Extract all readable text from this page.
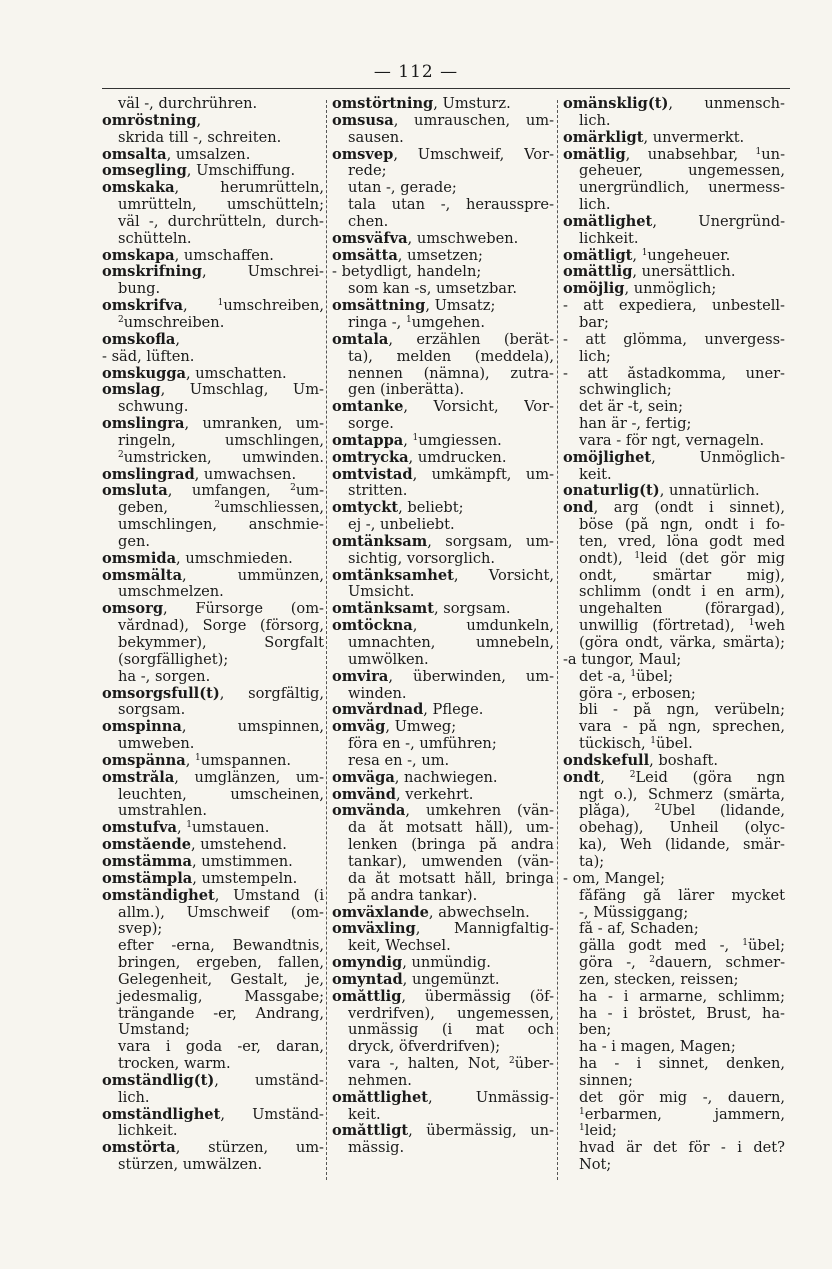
— 112 —
väl -, durchrühren.
omröstning,
skrida till -, schreiten.
omsalta, umsalzen.
omsegling, Umschiffung.
omskaka, herumrütteln,
umrütteln, umschütteln;
väl -, durchrütteln, durch-
schütteln.
omskapa, umschaffen.
omskrifning, Umschrei-
bung.
omskrifva, $^1$umschreiben,
$^2$umschreiben.
omskofla,
- säd, lüften.
omskugga, umschatten.
omslag, Umschlag, Um-
schwung.
omslingra, umranken, um-
ringeln, umschlingen,
$^2$umstricken, umwinden.
omslingrad, umwachsen.
omsluta, umfangen, $^2$um-
geben, $^2$umschliessen,
umschlingen, anschmie-
gen.
omsmida, umschmieden.
omsmälta, ummünzen,
umschmelzen.
omsorg, Fürsorge (om-
vårdnad), Sorge (försorg,
bekymmer), Sorgfalt
(sorgfällighet);
ha -, sorgen.
omsorgsfull(t), sorgfältig,
sorgsam.
omspinna, umspinnen,
umweben.
omspänna, $^1$umspannen.
omstråla, umglänzen, um-
leuchten, umscheinen,
umstrahlen.
omstufva, $^1$umstauen.
omstående, umstehend.
omstämma, umstimmen.
omstämpla, umstempeln.
omständighet, Umstand (i
allm.), Umschweif (om-
svep);
efter -erna, Bewandtnis,
bringen, ergeben, fallen,
Gelegenheit, Gestalt, je,
jedesmalig, Massgabe;
trängande -er, Andrang,
Umstand;
vara i goda -er, daran,
trocken, warm.
omständlig(t), umständ-
lich.
omständlighet, Umständ-
lichkeit.
omstörta, stürzen, um-
stürzen, umwälzen.
omstörtning, Umsturz.
omsusa, umrauschen, um-
sausen.
omsvep, Umschweif, Vor-
rede;
utan -, gerade;
tala utan -, heraussprе-
chen.
omsväfva, umschweben.
omsätta, umsetzen;
- betydligt, handeln;
som kan -s, umsetzbar.
omsättning, Umsatz;
ringa -, $^1$umgehen.
omtala, erzählen (berät-
ta), melden (meddela),
nennen (nämna), zutra-
gen (inberätta).
omtanke, Vorsicht, Vor-
sorge.
omtappa, $^1$umgiessen.
omtrycka, umdrucken.
omtvistad, umkämpft, um-
stritten.
omtyckt, beliebt;
ej -, unbeliebt.
omtänksam, sorgsam, um-
sichtig, vorsorglich.
omtänksamhet, Vorsicht,
Umsicht.
omtänksamt, sorgsam.
omtöckna, umdunkeln,
umnachten, umnebeln,
umwölken.
omvira, überwinden, um-
winden.
omvårdnad, Pflege.
omväg, Umweg;
föra en -, umführen;
resa en -, um.
omväga, nachwiegen.
omvänd, verkehrt.
omvända, umkehren (vän-
da åt motsatt håll), um-
lenken (bringa på andra
tankar), umwenden (vän-
da åt motsatt håll, bringa
på andra tankar).
omväxlande, abwechseln.
omväxling, Mannigfaltig-
keit, Wechsel.
omyndig, unmündig.
omyntad, ungemünzt.
omåttlig, übermässig (öf-
verdrifven), ungemessen,
unmässig (i mat och
dryck, öfverdrifven);
vara -, halten, Not, $^2$über-
nehmen.
omåttlighet, Unmässig-
keit.
omåttligt, übermässig, un-
mässig.
omänsklig(t), unmensch-
lich.
omärkligt, unvermerkt.
omätlig, unabsehbar, $^1$un-
geheuer, ungemessen,
unergründlich, unermess-
lich.
omätlighet, Unergründ-
lichkeit.
omätligt, $^1$ungeheuer.
omättlig, unersättlich.
omöjlig, unmöglich;
- att expediera, unbestell-
bar;
- att glömma, unvergess-
lich;
- att åstadkomma, uner-
schwinglich;
det är -t, sein;
han är -, fertig;
vara - för ngt, vernageln.
omöjlighet, Unmöglich-
keit.
onaturlig(t), unnatürlich.
ond, arg (ondt i sinnet),
böse (på ngn, ondt i fo-
ten, vred, löna godt med
ondt), $^1$leid (det gör mig
ondt, smärtar mig),
schlimm (ondt i en arm),
ungehalten (förargad),
unwillig (förtretad), $^1$weh
(göra ondt, värka, smärta);
-a tungor, Maul;
det -a, $^1$übel;
göra -, erbosen;
bli - på ngn, verübeln;
vara - på ngn, sprechen,
tückisch, $^1$übel.
ondskefull, boshaft.
ondt, $^2$Leid (göra ngn
ngt o.), Schmerz (smärta,
plåga), $^2$Übel (lidande,
obehag), Unheil (olyc-
ka), Weh (lidande, smär-
ta);
- om, Mangel;
fåfäng gå lärer mycket
-, Müssiggang;
få - af, Schaden;
gälla godt med -, $^1$übel;
göra -, $^2$dauern, schmer-
zen, stecken, reissen;
ha - i armarne, schlimm;
ha - i bröstet, Brust, ha-
ben;
ha - i magen, Magen;
ha - i sinnet, denken,
sinnen;
det gör mig -, dauern,
$^1$erbarmen, jammern,
$^1$leid;
hvad är det för - i det?
Not;
